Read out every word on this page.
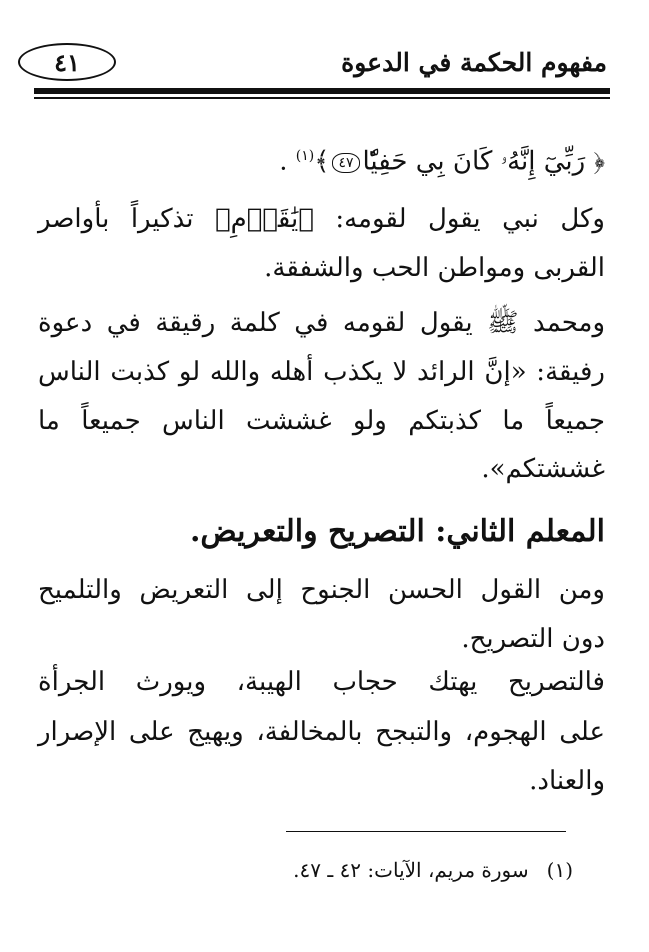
٤١	مفهوم الحكمة في الدعوة
﴿ رَبِّيٓ إِنَّهُۥ كَانَ بِي حَفِيّٗا٤٧﴾$^{(١)}$ .
وكل نبي يقول لقومه: ﴿يَٰقَوۡمِ﴾ تذكيراً بأواصر
القربى ومواطن الحب والشفقة.
ومحمد ﷺ يقول لقومه في كلمة رقيقة في دعوة
رفيقة: «إنَّ الرائد لا يكذب أهله والله لو كذبت الناس
جميعاً ما كذبتكم ولو غششت الناس جميعاً ما
غششتكم».
المعلم الثاني: التصريح والتعريض.
ومن القول الحسن الجنوح إلى التعريض والتلميح
دون التصريح.
فالتصريح يهتك حجاب الهيبة، ويورث الجرأة
على الهجوم، والتبجح بالمخالفة، ويهيج على الإصرار
والعناد.
(١)سورة مريم، الآيات: ٤٢ ـ ٤٧.
